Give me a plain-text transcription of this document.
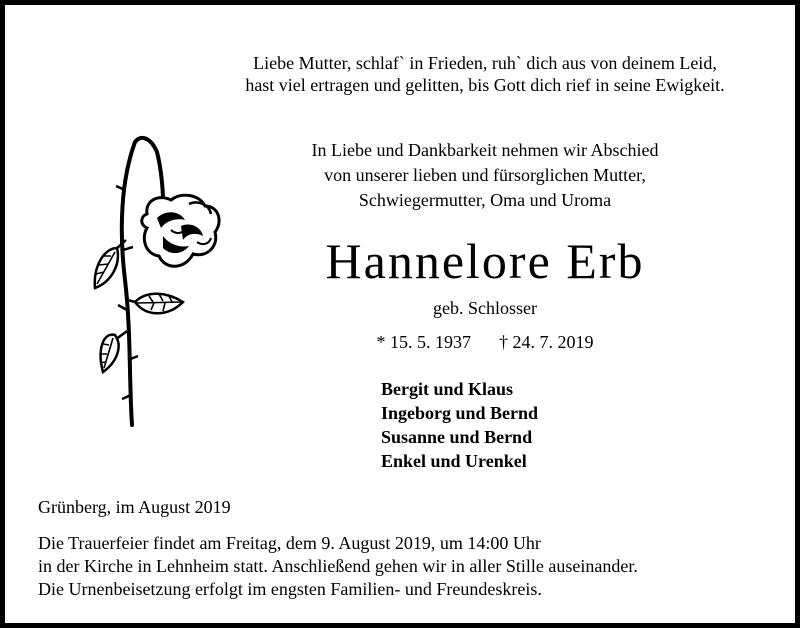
Liebe Mutter, schlaf` in Frieden, ruh` dich aus von deinem Leid,
hast viel ertragen und gelitten, bis Gott dich rief in seine Ewigkeit.
In Liebe und Dankbarkeit nehmen wir Abschied
von unserer lieben und fürsorglichen Mutter,
Schwiegermutter, Oma und Uroma
Hannelore Erb
geb. Schlosser
* 15. 5. 1937 † 24. 7. 2019
Bergit und Klaus
Ingeborg und Bernd
Susanne und Bernd
Enkel und Urenkel
Grünberg, im August 2019
Die Trauerfeier findet am Freitag, dem 9. August 2019, um 14:00 Uhr
in der Kirche in Lehnheim statt. Anschließend gehen wir in aller Stille auseinander.
Die Urnenbeisetzung erfolgt im engsten Familien- und Freundeskreis.
